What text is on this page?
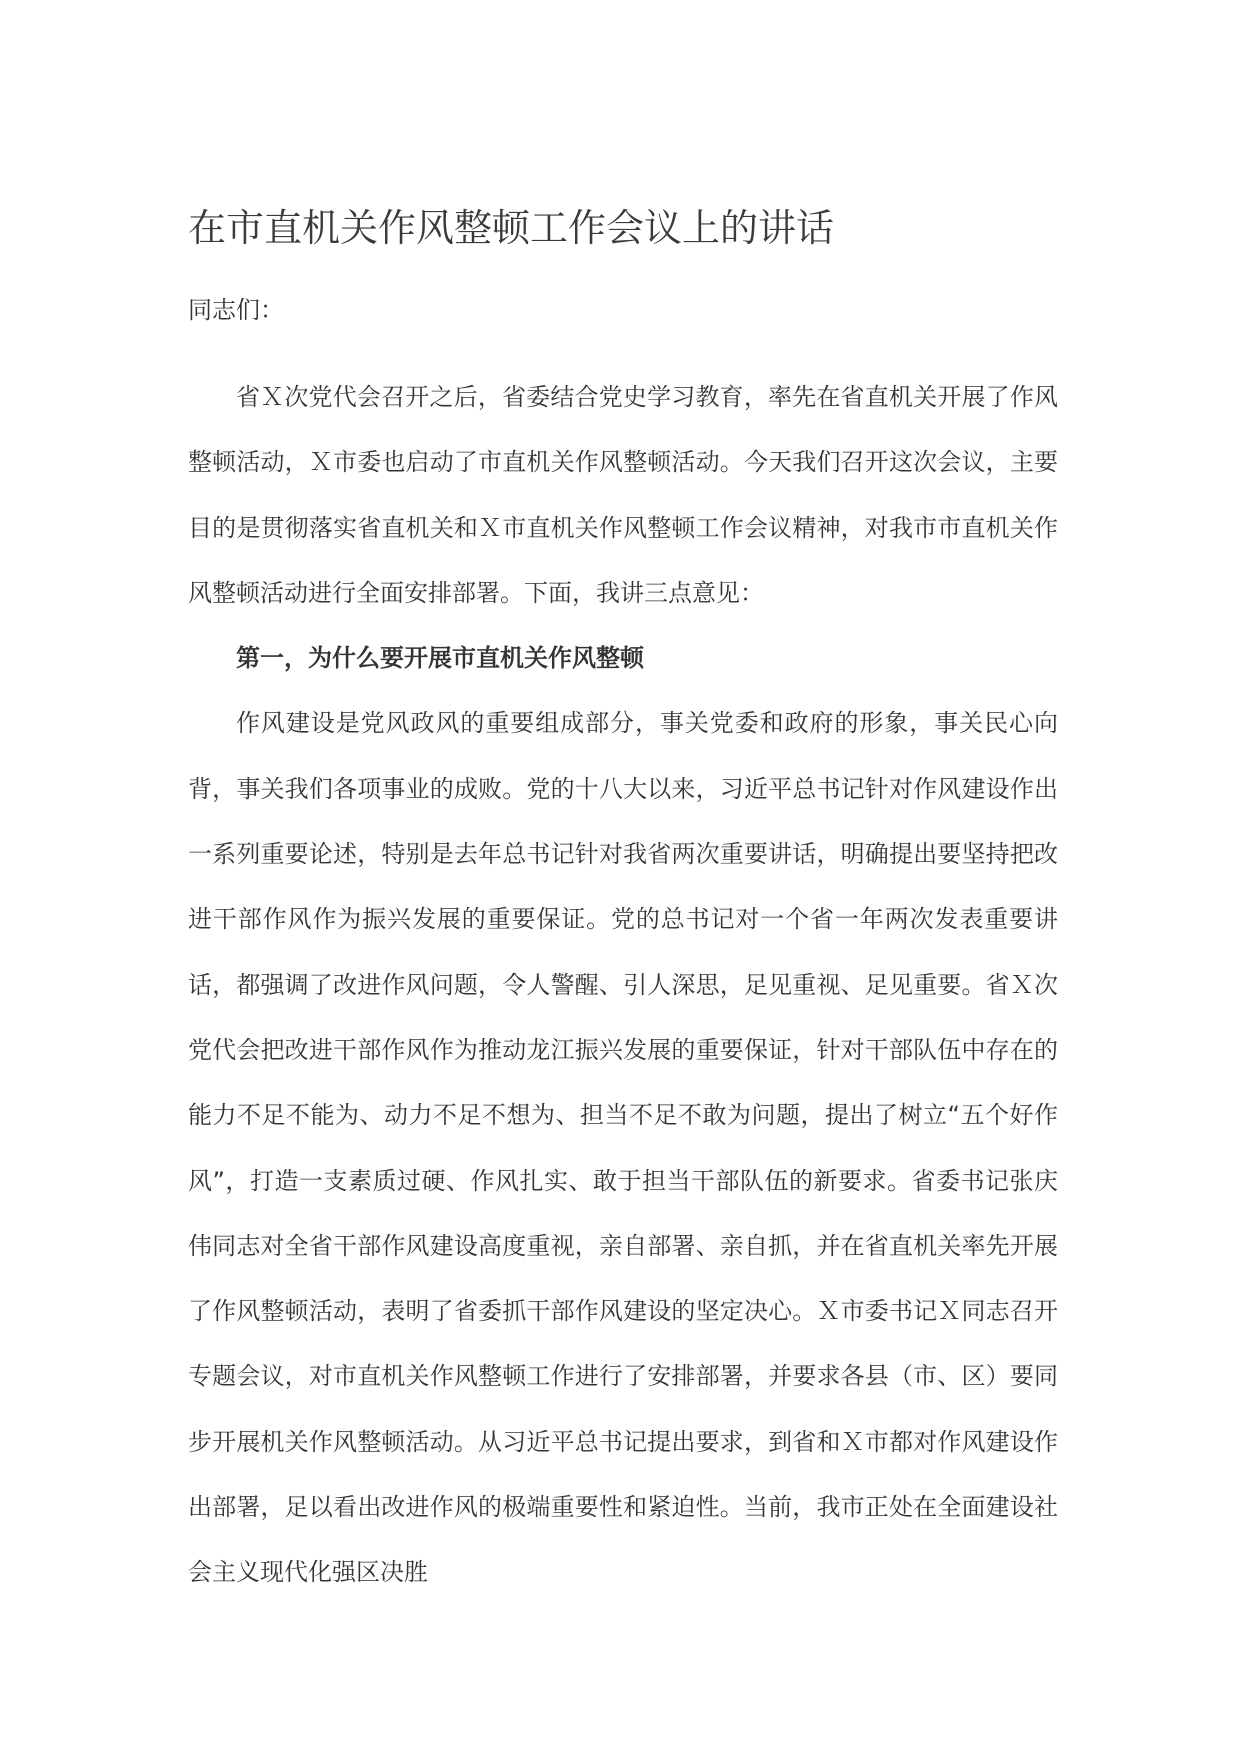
在市直机关作风整顿工作会议上的讲话

同志们：

省Ｘ次党代会召开之后，省委结合党史学习教育，率先在省直机关开展了作风整顿活动，Ｘ市委也启动了市直机关作风整顿活动。今天我们召开这次会议，主要目的是贯彻落实省直机关和Ｘ市直机关作风整顿工作会议精神，对我市市直机关作风整顿活动进行全面安排部署。下面，我讲三点意见：

第一，为什么要开展市直机关作风整顿

作风建设是党风政风的重要组成部分，事关党委和政府的形象，事关民心向背，事关我们各项事业的成败。党的十八大以来，习近平总书记针对作风建设作出一系列重要论述，特别是去年总书记针对我省两次重要讲话，明确提出要坚持把改进干部作风作为振兴发展的重要保证。党的总书记对一个省一年两次发表重要讲话，都强调了改进作风问题，令人警醒、引人深思，足见重视、足见重要。省Ｘ次党代会把改进干部作风作为推动龙江振兴发展的重要保证，针对干部队伍中存在的能力不足不能为、动力不足不想为、担当不足不敢为问题，提出了树立“五个好作风”，打造一支素质过硬、作风扎实、敢于担当干部队伍的新要求。省委书记张庆伟同志对全省干部作风建设高度重视，亲自部署、亲自抓，并在省直机关率先开展了作风整顿活动，表明了省委抓干部作风建设的坚定决心。Ｘ市委书记Ｘ同志召开专题会议，对市直机关作风整顿工作进行了安排部署，并要求各县（市、区）要同步开展机关作风整顿活动。从习近平总书记提出要求，到省和Ｘ市都对作风建设作出部署，足以看出改进作风的极端重要性和紧迫性。当前，我市正处在全面建设社会主义现代化强区决胜
